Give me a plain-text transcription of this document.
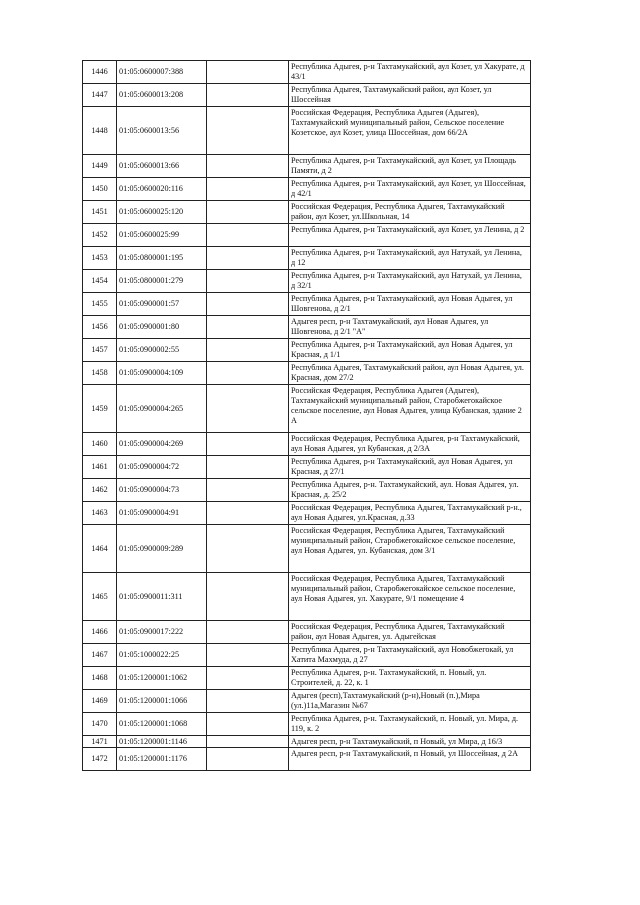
1446	01:05:0600007:388		Республика Адыгея, р-н Тахтамукайский, аул Козет, ул Хакурате, д 43/1
1447	01:05:0600013:208		Республика Адыгея, Тахтамукайский район, аул Козет, ул Шоссейная
1448	01:05:0600013:56		Российская Федерация, Республика Адыгея (Адыгея), Тахтамукайский муниципальный район, Сельское поселение Козетское, аул Козет, улица Шоссейная, дом 66/2А
1449	01:05:0600013:66		Республика Адыгея, р-н Тахтамукайский, аул Козет, ул Площадь Памяти, д 2
1450	01:05:0600020:116		Республика Адыгея, р-н Тахтамукайский, аул Козет, ул Шоссейная, д 42/1
1451	01:05:0600025:120		Российская Федерация, Республика Адыгея, Тахтамукайский район, аул Козет, ул.Школьная, 14
1452	01:05:0600025:99		Республика Адыгея, р-н Тахтамукайский, аул Козет, ул Ленина, д 2
1453	01:05:0800001:195		Республика Адыгея, р-н Тахтамукайский, аул Натухай, ул Ленина, д 12
1454	01:05:0800001:279		Республика Адыгея, р-н Тахтамукайский, аул Натухай, ул Ленина, д 32/1
1455	01:05:0900001:57		Республика Адыгея, р-н Тахтамукайский, аул Новая Адыгея, ул Шовгенова, д 2/1
1456	01:05:0900001:80		Адыгея респ, р-н Тахтамукайский, аул Новая Адыгея, ул Шовгенова, д 2/1 "А"
1457	01:05:0900002:55		Республика Адыгея, р-н Тахтамукайский, аул Новая Адыгея, ул Красная, д 1/1
1458	01:05:0900004:109		Республика Адыгея, Тахтамукайский район, аул Новая Адыгея, ул. Красная, дом 27/2
1459	01:05:0900004:265		Российская Федерация, Республика Адыгея (Адыгея), Тахтамукайский муниципальный район, Старобжегокайское сельское поселение, аул Новая Адыгея, улица Кубанская, здание 2 А
1460	01:05:0900004:269		Российская Федерация, Республика Адыгея, р-н Тахтамукайский, аул Новая Адыгея, ул Кубанская, д 2/3А
1461	01:05:0900004:72		Республика Адыгея, р-н Тахтамукайский, аул Новая Адыгея, ул Красная, д 27/1
1462	01:05:0900004:73		Республика Адыгея, р-н. Тахтамукайский, аул. Новая Адыгея, ул. Красная, д. 25/2
1463	01:05:0900004:91		Российская Федерация, Республика Адыгея, Тахтамукайский р-н., аул Новая Адыгея, ул.Красная, д.33
1464	01:05:0900009:289		Российская Федерация, Республика Адыгея, Тахтамукайский муниципальный район, Старобжегокайское сельское поселение, аул Новая Адыгея, ул. Кубанская, дом 3/1
1465	01:05:0900011:311		Российская Федерация, Республика Адыгея, Тахтамукайский муниципальный район, Старобжегокайское сельское поселение, аул Новая Адыгея, ул. Хакурате, 9/1 помещение 4
1466	01:05:0900017:222		Российская Федерация, Республика Адыгея, Тахтамукайский район, аул Новая Адыгея, ул. Адыгейская
1467	01:05:1000022:25		Республика Адыгея, р-н Тахтамукайский, аул Новобжегокай, ул Хатита Махмуда, д 27
1468	01:05:1200001:1062		Республика Адыгея, р-н. Тахтамукайский, п. Новый, ул. Строителей, д. 22, к. 1
1469	01:05:1200001:1066		Адыгея (респ),Тахтамукайский (р-н),Новый (п.),Мира (ул.)11а,Магазин №67
1470	01:05:1200001:1068		Республика Адыгея, р-н. Тахтамукайский, п. Новый, ул. Мира, д. 119, к. 2
1471	01:05:1200001:1146		Адыгея респ, р-н Тахтамукайский, п Новый, ул Мира, д 16/3
1472	01:05:1200001:1176		Адыгея респ, р-н Тахтамукайский, п Новый, ул Шоссейная, д 2А
